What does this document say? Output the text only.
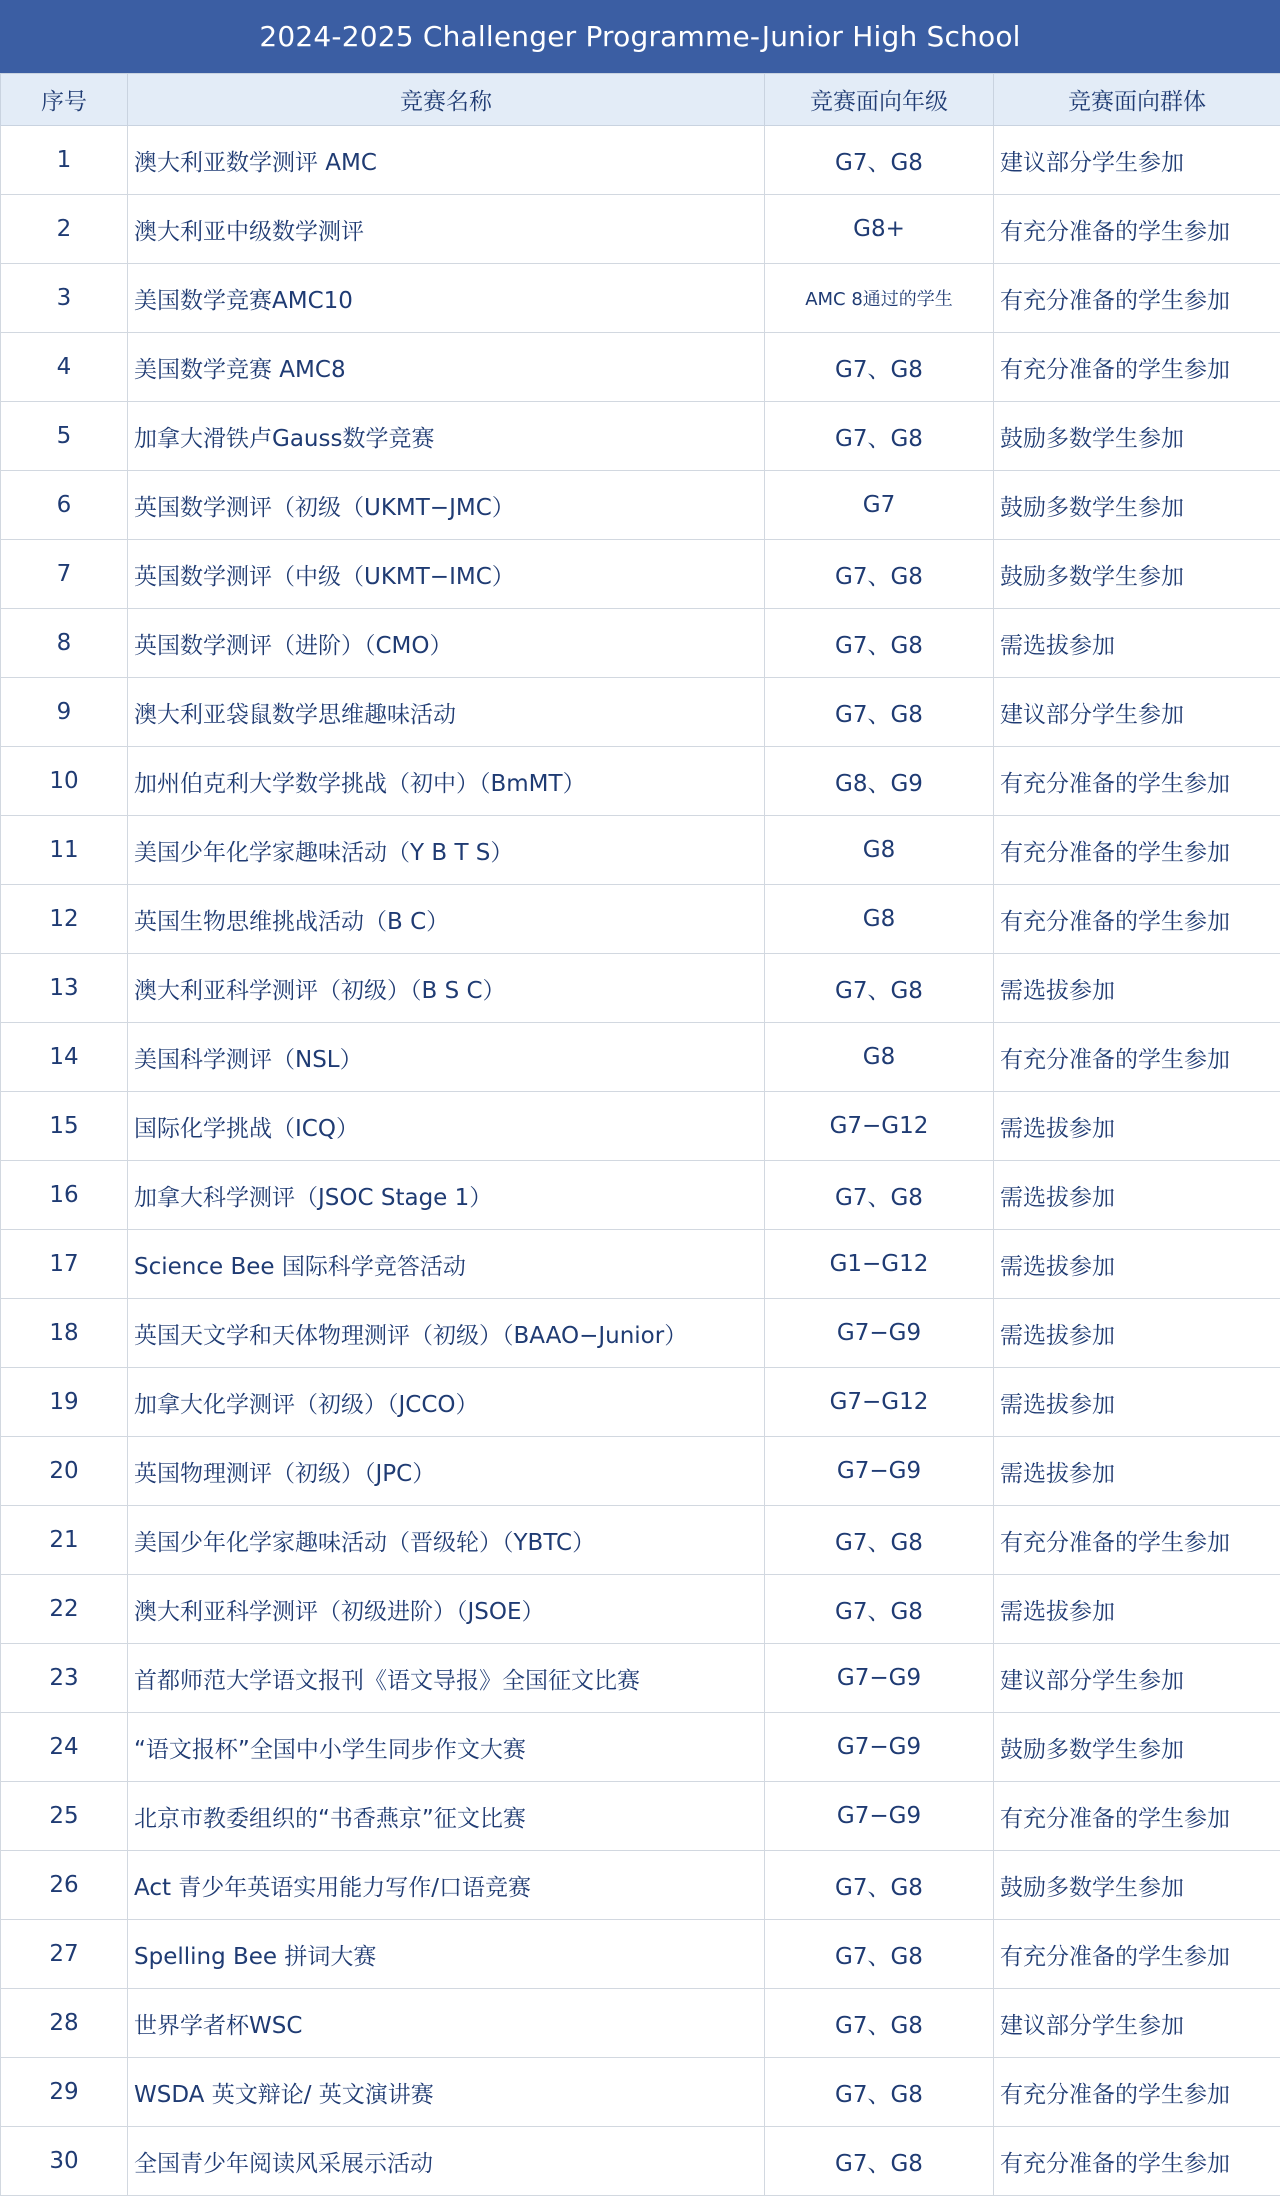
2024-2025 Challenger Programme-Junior High School
序号	竞赛名称	竞赛面向年级	竞赛面向群体
1	澳大利亚数学测评 AMC	G7、G8	建议部分学生参加
2	澳大利亚中级数学测评	G8+	有充分准备的学生参加
3	美国数学竞赛AMC10	AMC 8通过的学生	有充分准备的学生参加
4	美国数学竞赛 AMC8	G7、G8	有充分准备的学生参加
5	加拿大滑铁卢Gauss数学竞赛	G7、G8	鼓励多数学生参加
6	英国数学测评（初级（UKMT−JMC）	G7	鼓励多数学生参加
7	英国数学测评（中级（UKMT−IMC）	G7、G8	鼓励多数学生参加
8	英国数学测评（进阶）（CMO）	G7、G8	需选拔参加
9	澳大利亚袋鼠数学思维趣味活动	G7、G8	建议部分学生参加
10	加州伯克利大学数学挑战（初中）（BmMT）	G8、G9	有充分准备的学生参加
11	美国少年化学家趣味活动（Y B T S）	G8	有充分准备的学生参加
12	英国生物思维挑战活动（B C）	G8	有充分准备的学生参加
13	澳大利亚科学测评（初级）（B S C）	G7、G8	需选拔参加
14	美国科学测评（NSL）	G8	有充分准备的学生参加
15	国际化学挑战（ICQ）	G7−G12	需选拔参加
16	加拿大科学测评（JSOC Stage 1）	G7、G8	需选拔参加
17	Science Bee 国际科学竞答活动	G1−G12	需选拔参加
18	英国天文学和天体物理测评（初级）（BAAO−Junior）	G7−G9	需选拔参加
19	加拿大化学测评（初级）（JCCO）	G7−G12	需选拔参加
20	英国物理测评（初级）（JPC）	G7−G9	需选拔参加
21	美国少年化学家趣味活动（晋级轮）（YBTC）	G7、G8	有充分准备的学生参加
22	澳大利亚科学测评（初级进阶）（JSOE）	G7、G8	需选拔参加
23	首都师范大学语文报刊《语文导报》全国征文比赛	G7−G9	建议部分学生参加
24	“语文报杯”全国中小学生同步作文大赛	G7−G9	鼓励多数学生参加
25	北京市教委组织的“书香燕京”征文比赛	G7−G9	有充分准备的学生参加
26	Act 青少年英语实用能力写作/口语竞赛	G7、G8	鼓励多数学生参加
27	Spelling Bee 拼词大赛	G7、G8	有充分准备的学生参加
28	世界学者杯WSC	G7、G8	建议部分学生参加
29	WSDA 英文辩论/ 英文演讲赛	G7、G8	有充分准备的学生参加
30	全国青少年阅读风采展示活动	G7、G8	有充分准备的学生参加
